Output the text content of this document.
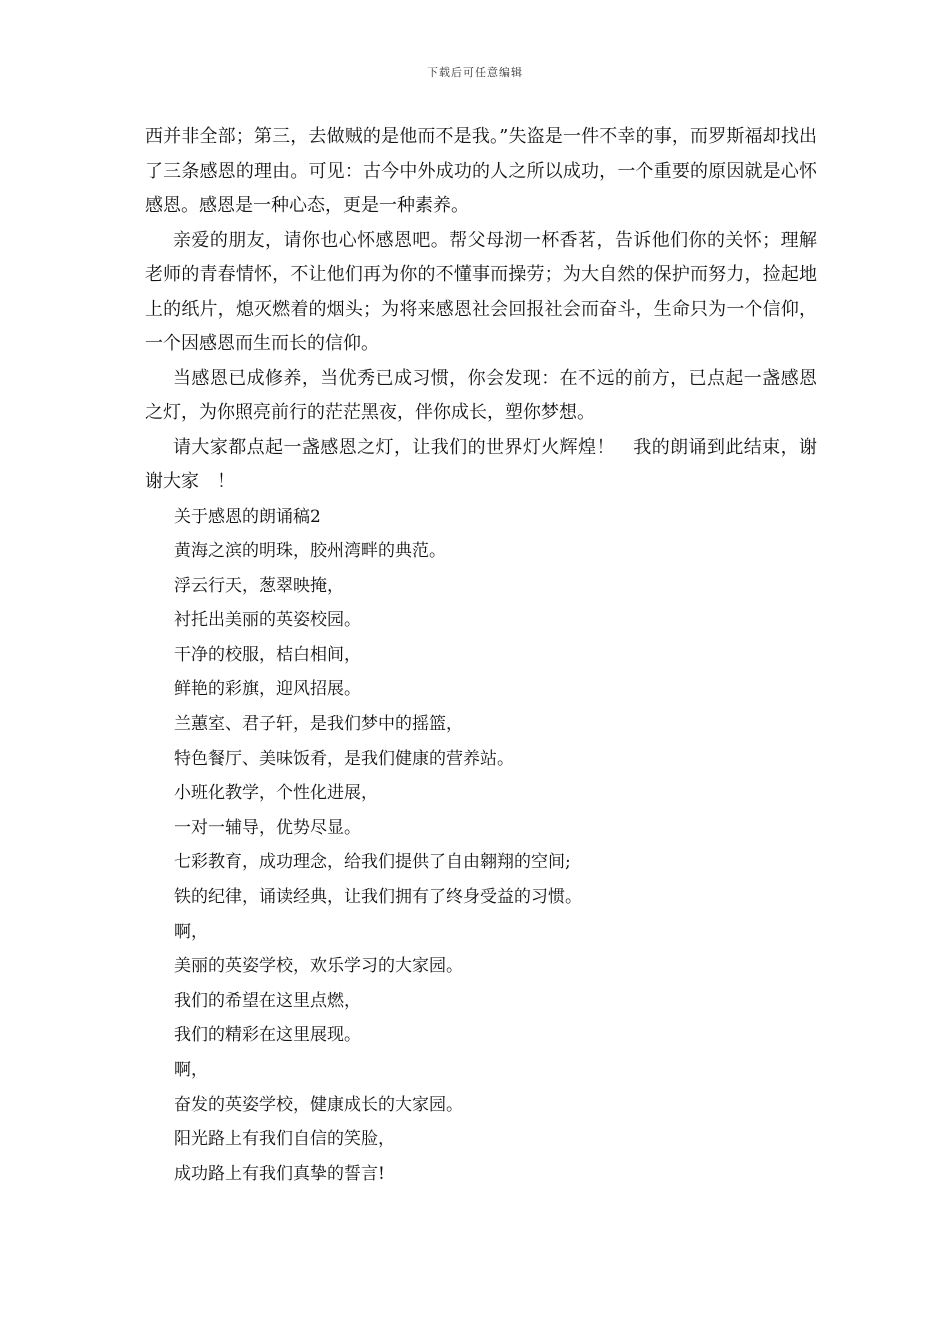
下载后可任意编辑

西并非全部；第三，去做贼的是他而不是我。”失盗是一件不幸的事，而罗斯福却找出了三条感恩的理由。可见：古今中外成功的人之所以成功，一个重要的原因就是心怀感恩。感恩是一种心态，更是一种素养。

亲爱的朋友，请你也心怀感恩吧。帮父母沏一杯香茗，告诉他们你的关怀；理解老师的青春情怀，不让他们再为你的不懂事而操劳；为大自然的保护而努力，捡起地上的纸片，熄灭燃着的烟头；为将来感恩社会回报社会而奋斗，生命只为一个信仰，一个因感恩而生而长的信仰。

当感恩已成修养，当优秀已成习惯，你会发现：在不远的前方，已点起一盏感恩之灯，为你照亮前行的茫茫黑夜，伴你成长，塑你梦想。

请大家都点起一盏感恩之灯，让我们的世界灯火辉煌！　我的朗诵到此结束，谢谢大家　！

关于感恩的朗诵稿2
黄海之滨的明珠，胶州湾畔的典范。
浮云行天，葱翠映掩，
衬托出美丽的英姿校园。
干净的校服，桔白相间，
鲜艳的彩旗，迎风招展。
兰蕙室、君子轩，是我们梦中的摇篮，
特色餐厅、美味饭肴，是我们健康的营养站。
小班化教学，个性化进展，
一对一辅导，优势尽显。
七彩教育，成功理念，给我们提供了自由翱翔的空间;
铁的纪律，诵读经典，让我们拥有了终身受益的习惯。
啊，
美丽的英姿学校，欢乐学习的大家园。
我们的希望在这里点燃，
我们的精彩在这里展现。
啊，
奋发的英姿学校，健康成长的大家园。
阳光路上有我们自信的笑脸，
成功路上有我们真挚的誓言!
